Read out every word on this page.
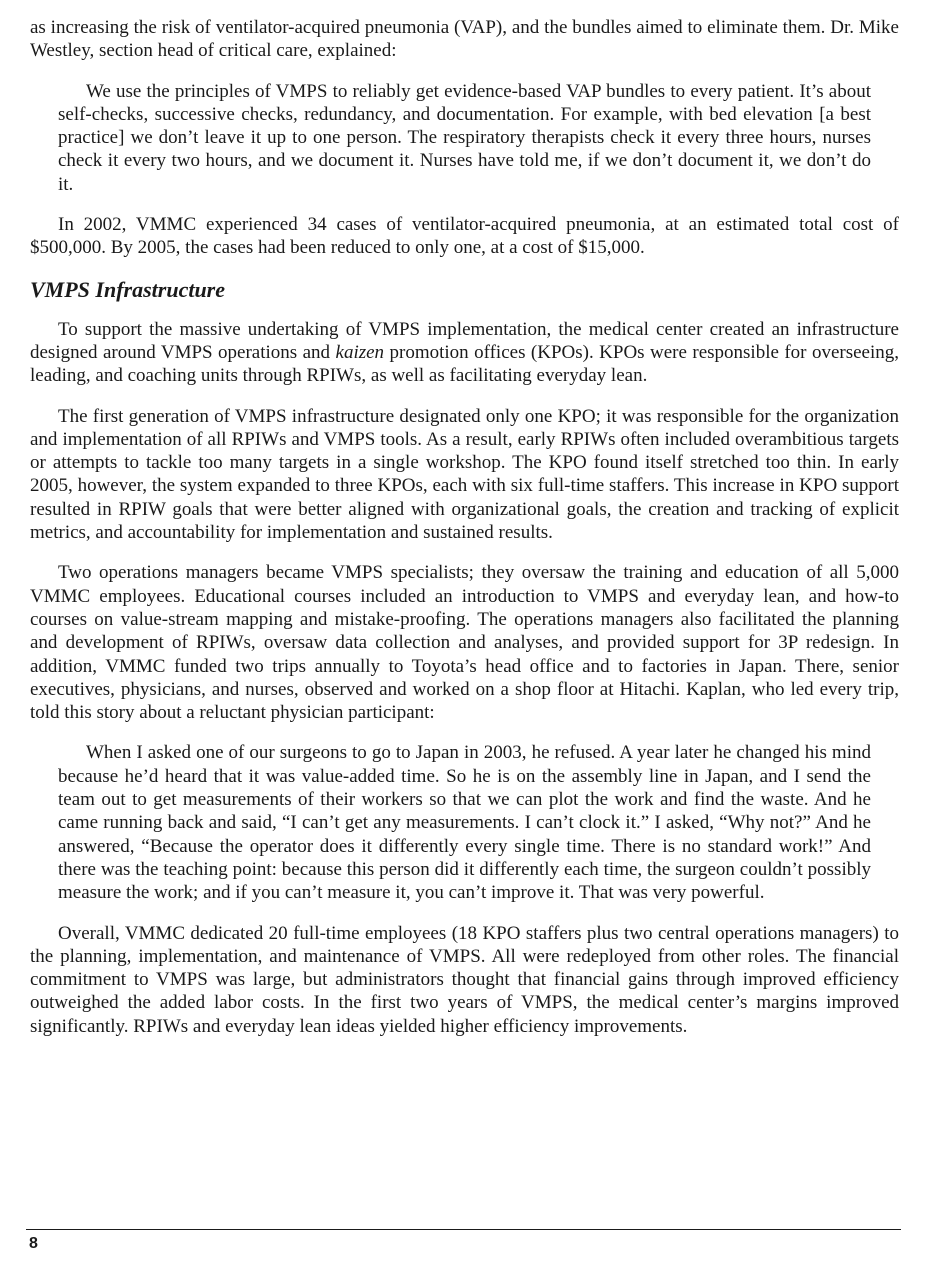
as increasing the risk of ventilator-acquired pneumonia (VAP), and the bundles aimed to eliminate them. Dr. Mike Westley, section head of critical care, explained:

We use the principles of VMPS to reliably get evidence-based VAP bundles to every patient. It’s about self-checks, successive checks, redundancy, and documentation. For example, with bed elevation [a best practice] we don’t leave it up to one person. The respiratory therapists check it every three hours, nurses check it every two hours, and we document it. Nurses have told me, if we don’t document it, we don’t do it.

In 2002, VMMC experienced 34 cases of ventilator-acquired pneumonia, at an estimated total cost of $500,000. By 2005, the cases had been reduced to only one, at a cost of $15,000.

VMPS Infrastructure

To support the massive undertaking of VMPS implementation, the medical center created an infrastructure designed around VMPS operations and kaizen promotion offices (KPOs). KPOs were responsible for overseeing, leading, and coaching units through RPIWs, as well as facilitating everyday lean.

The first generation of VMPS infrastructure designated only one KPO; it was responsible for the organization and implementation of all RPIWs and VMPS tools. As a result, early RPIWs often included overambitious targets or attempts to tackle too many targets in a single workshop. The KPO found itself stretched too thin. In early 2005, however, the system expanded to three KPOs, each with six full-time staffers. This increase in KPO support resulted in RPIW goals that were better aligned with organizational goals, the creation and tracking of explicit metrics, and accountability for implementation and sustained results.

Two operations managers became VMPS specialists; they oversaw the training and education of all 5,000 VMMC employees. Educational courses included an introduction to VMPS and everyday lean, and how-to courses on value-stream mapping and mistake-proofing. The operations managers also facilitated the planning and development of RPIWs, oversaw data collection and analyses, and provided support for 3P redesign. In addition, VMMC funded two trips annually to Toyota’s head office and to factories in Japan. There, senior executives, physicians, and nurses, observed and worked on a shop floor at Hitachi. Kaplan, who led every trip, told this story about a reluctant physician participant:

When I asked one of our surgeons to go to Japan in 2003, he refused. A year later he changed his mind because he’d heard that it was value-added time. So he is on the assembly line in Japan, and I send the team out to get measurements of their workers so that we can plot the work and find the waste. And he came running back and said, “I can’t get any measurements. I can’t clock it.” I asked, “Why not?” And he answered, “Because the operator does it differently every single time. There is no standard work!” And there was the teaching point: because this person did it differently each time, the surgeon couldn’t possibly measure the work; and if you can’t measure it, you can’t improve it. That was very powerful.

Overall, VMMC dedicated 20 full-time employees (18 KPO staffers plus two central operations managers) to the planning, implementation, and maintenance of VMPS. All were redeployed from other roles. The financial commitment to VMPS was large, but administrators thought that financial gains through improved efficiency outweighed the added labor costs. In the first two years of VMPS, the medical center’s margins improved significantly. RPIWs and everyday lean ideas yielded higher efficiency improvements.

8
